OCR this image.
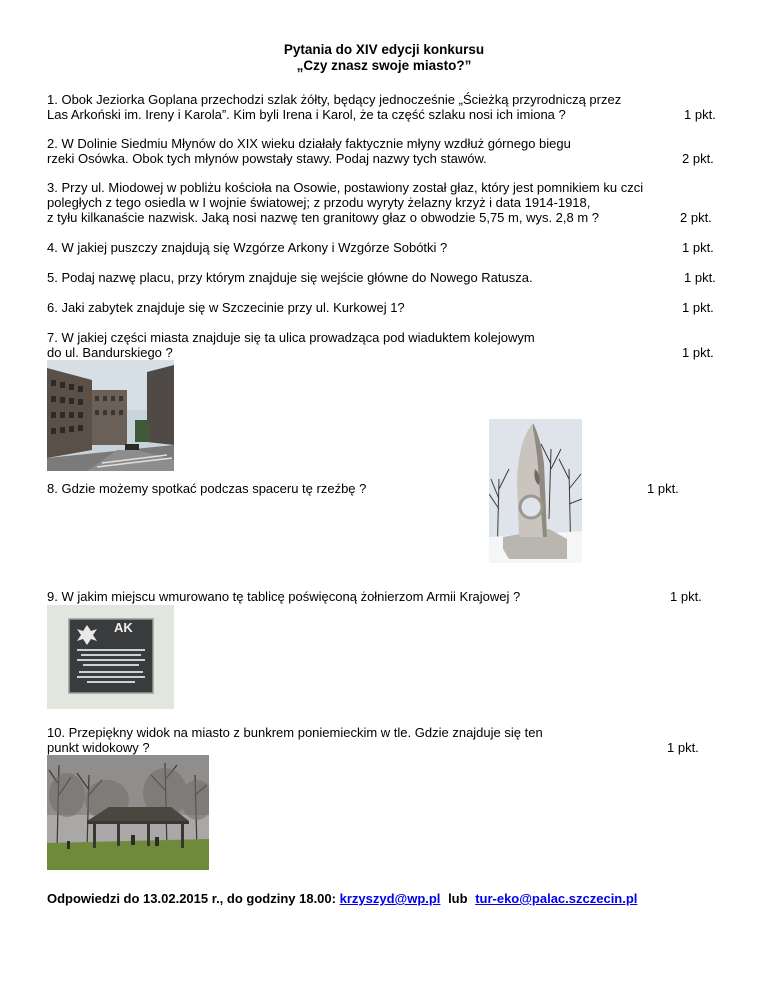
Pytania do XIV edycji konkursu
„Czy znasz swoje miasto?”
1. Obok Jeziorka Goplana przechodzi szlak żółty, będący jednocześnie „Ścieżką przyrodniczą przez
Las Arkoński im. Ireny i Karola”. Kim byli Irena i Karol, że ta część szlaku nosi ich imiona ?	1 pkt.
2. W Dolinie Siedmiu Młynów do XIX wieku działały faktycznie młyny wzdłuż górnego biegu
rzeki Osówka. Obok tych młynów powstały stawy. Podaj nazwy tych stawów.	2 pkt.
3. Przy ul. Miodowej w pobliżu kościoła na Osowie, postawiony został głaz, który jest pomnikiem ku czci
poległych z tego osiedla w I wojnie światowej; z przodu wyryty żelazny krzyż i data 1914-1918,
z tyłu kilkanaście nazwisk. Jaką nosi nazwę ten granitowy głaz o obwodzie 5,75 m, wys. 2,8 m ?	2 pkt.
4. W jakiej puszczy znajdują się Wzgórze Arkony i Wzgórze Sobótki ?	1 pkt.
5. Podaj nazwę placu, przy którym znajduje się wejście główne do Nowego Ratusza.	1 pkt.
6. Jaki zabytek znajduje się w Szczecinie przy ul. Kurkowej 1?	1 pkt.
7. W jakiej części miasta znajduje się ta ulica prowadząca pod wiaduktem kolejowym
do ul. Bandurskiego ?	1 pkt.
8. Gdzie możemy spotkać podczas spaceru tę rzeźbę ?	1 pkt.
9. W jakim miejscu wmurowano tę tablicę poświęconą żołnierzom Armii Krajowej ?	1 pkt.
AK
10. Przepiękny widok na miasto z bunkrem poniemieckim w tle. Gdzie znajduje się ten
punkt widokowy ?	1 pkt.
Odpowiedzi do 13.02.2015 r., do godziny 18.00: krzyszyd@wp.pl lub tur-eko@palac.szczecin.pl
